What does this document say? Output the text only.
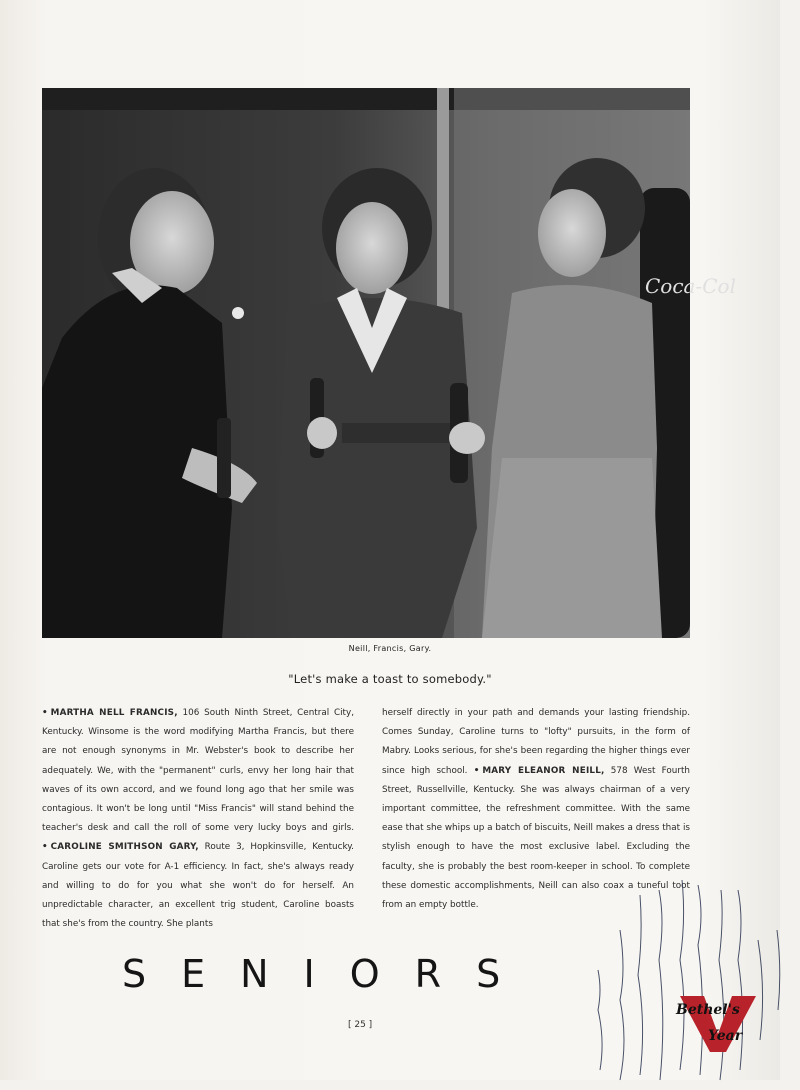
Coca-Col
Neill, Francis, Gary.
"Let's make a toast to somebody."

• MARTHA NELL FRANCIS, 106 South Ninth Street, Central City, Kentucky. Winsome is the word modifying Martha Francis, but there are not enough synonyms in Mr. Webster's book to describe her adequately. We, with the "permanent" curls, envy her long hair that waves of its own accord, and we found long ago that her smile was contagious. It won't be long until "Miss Francis" will stand behind the teacher's desk and call the roll of some very lucky boys and girls. • CAROLINE SMITHSON GARY, Route 3, Hopkinsville, Kentucky. Caroline gets our vote for A-1 efficiency. In fact, she's always ready and willing to do for you what she won't do for herself. An unpredictable character, an excellent trig student, Caroline boasts that she's from the country. She plants

herself directly in your path and demands your lasting friendship. Comes Sunday, Caroline turns to "lofty" pursuits, in the form of Mabry. Looks serious, for she's been regarding the higher things ever since high school. • MARY ELEANOR NEILL, 578 West Fourth Street, Russellville, Kentucky. She was always chairman of a very important committee, the refreshment committee. With the same ease that she whips up a batch of biscuits, Neill makes a dress that is stylish enough to have the most exclusive label. Excluding the faculty, she is probably the best room-keeper in school. To complete these domestic accomplishments, Neill can also coax a tuneful toot from an empty bottle.

SENIORS
[ 25 ]
Bethel's
Year
